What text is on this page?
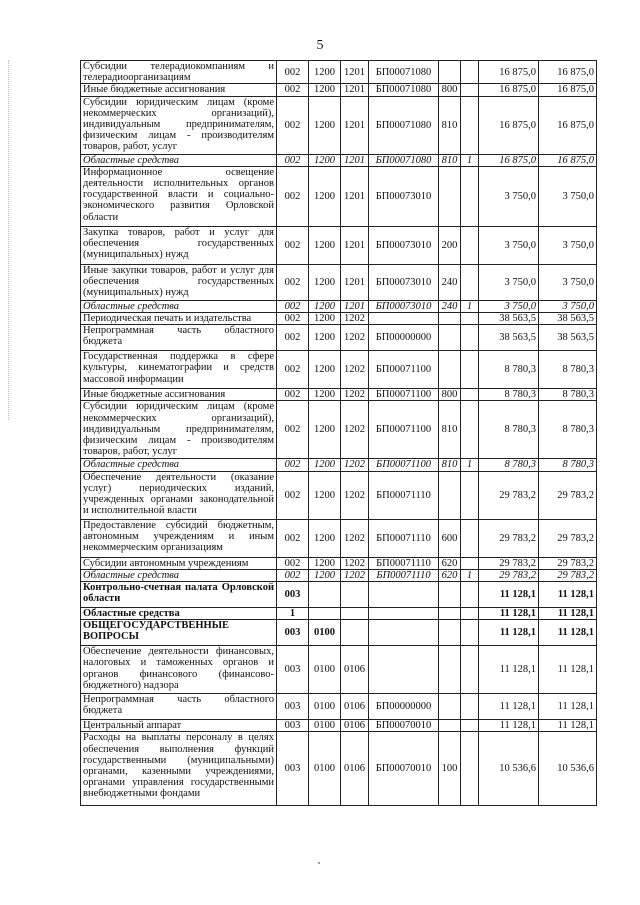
5
Субсидии телерадиокомпаниям и телерадиоорганизациям	002	1200	1201	БП00071080			16 875,0	16 875,0
Иные бюджетные ассигнования	002	1200	1201	БП00071080	800		16 875,0	16 875,0
Субсидии юридическим лицам (кроме некоммерческих организаций), индивидуальным предпринимателям, физическим лицам - производителям товаров, работ, услуг	002	1200	1201	БП00071080	810		16 875,0	16 875,0
Областные средства	002	1200	1201	БП00071080	810	1	16 875,0	16 875,0
Информационное освещение деятельности исполнительных органов государственной власти и социально-экономического развития Орловской области	002	1200	1201	БП00073010			3 750,0	3 750,0
Закупка товаров, работ и услуг для обеспечения государственных (муниципальных) нужд	002	1200	1201	БП00073010	200		3 750,0	3 750,0
Иные закупки товаров, работ и услуг для обеспечения государственных (муниципальных) нужд	002	1200	1201	БП00073010	240		3 750,0	3 750,0
Областные средства	002	1200	1201	БП00073010	240	1	3 750,0	3 750,0
Периодическая печать и издательства	002	1200	1202				38 563,5	38 563,5
Непрограммная часть областного бюджета	002	1200	1202	БП00000000			38 563,5	38 563,5
Государственная поддержка в сфере культуры, кинематографии и средств массовой информации	002	1200	1202	БП00071100			8 780,3	8 780,3
Иные бюджетные ассигнования	002	1200	1202	БП00071100	800		8 780,3	8 780,3
Субсидии юридическим лицам (кроме некоммерческих организаций), индивидуальным предпринимателям, физическим лицам - производителям товаров, работ, услуг	002	1200	1202	БП00071100	810		8 780,3	8 780,3
Областные средства	002	1200	1202	БП00071100	810	1	8 780,3	8 780,3
Обеспечение деятельности (оказание услуг) периодических изданий, учрежденных органами законодательной и исполнительной власти	002	1200	1202	БП00071110			29 783,2	29 783,2
Предоставление субсидий бюджетным, автономным учреждениям и иным некоммерческим организациям	002	1200	1202	БП00071110	600		29 783,2	29 783,2
Субсидии автономным учреждениям	002	1200	1202	БП00071110	620		29 783,2	29 783,2
Областные средства	002	1200	1202	БП00071110	620	1	29 783,2	29 783,2
Контрольно-счетная палата Орловской области	003						11 128,1	11 128,1
Областные средства	1						11 128,1	11 128,1
ОБЩЕГОСУДАРСТВЕННЫЕ ВОПРОСЫ	003	0100					11 128,1	11 128,1
Обеспечение деятельности финансовых, налоговых и таможенных органов и органов финансового (финансово-бюджетного) надзора	003	0100	0106				11 128,1	11 128,1
Непрограммная часть областного бюджета	003	0100	0106	БП00000000			11 128,1	11 128,1
Центральный аппарат	003	0100	0106	БП00070010			11 128,1	11 128,1
Расходы на выплаты персоналу в целях обеспечения выполнения функций государственными (муниципальными) органами, казенными учреждениями, органами управления государственными внебюджетными фондами	003	0100	0106	БП00070010	100		10 536,6	10 536,6
